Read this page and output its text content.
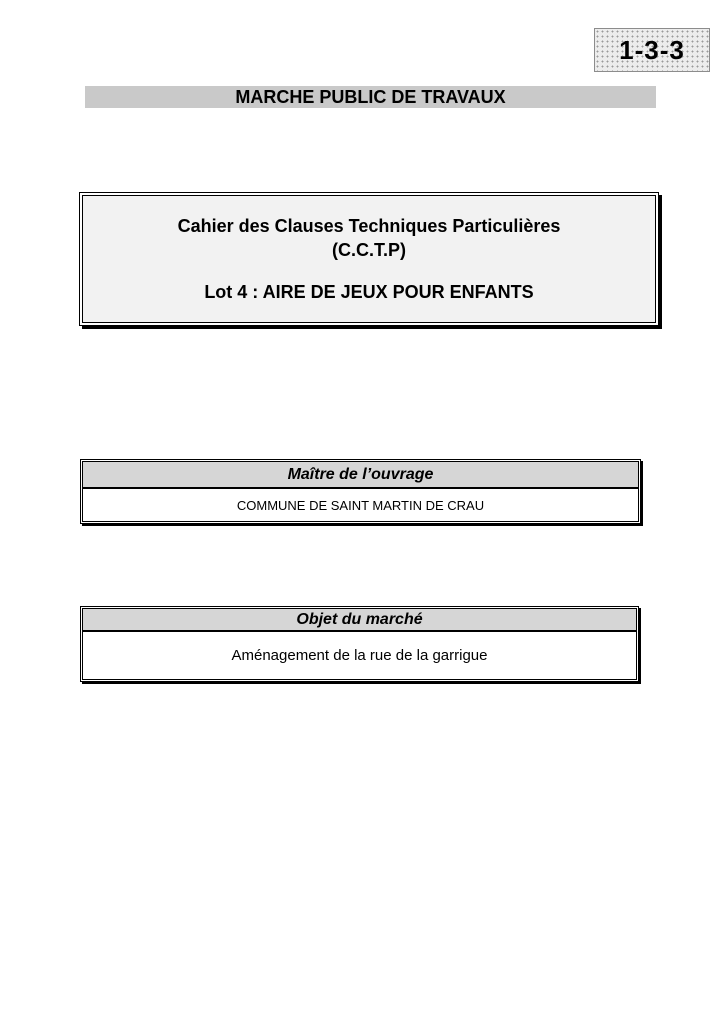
1-3-3
MARCHE PUBLIC DE TRAVAUX
Cahier des Clauses Techniques Particulières
(C.C.T.P)
Lot 4 : AIRE DE JEUX POUR ENFANTS
Maître de l’ouvrage
COMMUNE DE SAINT MARTIN DE CRAU
Objet du marché
Aménagement de la rue de la garrigue
